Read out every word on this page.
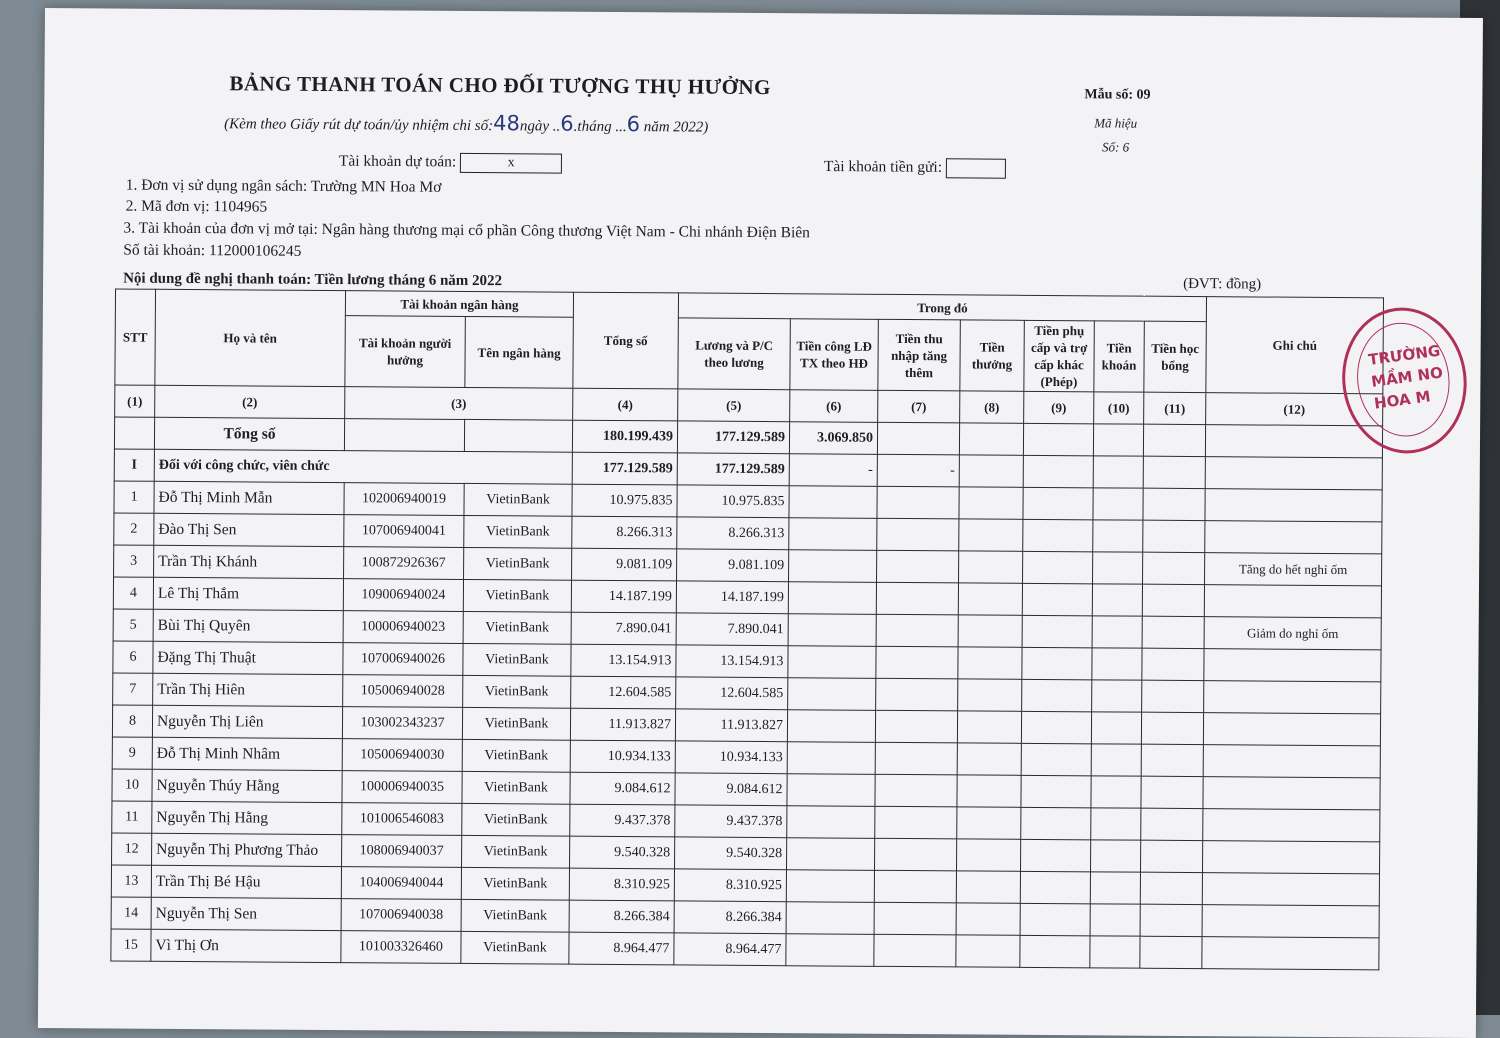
BẢNG THANH TOÁN CHO ĐỐI TƯỢNG THỤ HƯỞNG
(Kèm theo Giấy rút dự toán/ủy nhiệm chi số:48ngày ..6.tháng ...6 năm 2022)
Mẫu số: 09
Mã hiệu
Số: 6
Tài khoản dự toán:	x	Tài khoản tiền gửi:
1. Đơn vị sử dụng ngân sách: Trường MN Hoa Mơ
2. Mã đơn vị: 1104965
3. Tài khoản của đơn vị mở tại: Ngân hàng thương mại cổ phần Công thương Việt Nam - Chi nhánh Điện Biên
Số tài khoản: 112000106245
Nội dung đề nghị thanh toán: Tiền lương tháng 6 năm 2022	(ĐVT: đồng)
STT	Họ và tên	Tài khoản ngân hàng		Tổng số	Trong đó							Ghi chú
		Tài khoản người hưởng	Tên ngân hàng		Lương và P/C theo lương	Tiền công LĐ TX theo HĐ	Tiền thu nhập tăng thêm	Tiền thưởng	Tiền phụ cấp và trợ cấp khác (Phép)	Tiền khoán	Tiền học bổng	

(1)	(2)	(3)		(4)	(5)	(6)	(7)	(8)	(9)	(10)	(11)	(12)
	Tổng số			180.199.439	177.129.589	3.069.850						
I	Đối với công chức, viên chức			177.129.589	177.129.589	-	-					
1	Đỗ Thị Minh Mẫn	102006940019	VietinBank	10.975.835	10.975.835							
2	Đào Thị Sen	107006940041	VietinBank	8.266.313	8.266.313							
3	Trần Thị Khánh	100872926367	VietinBank	9.081.109	9.081.109							Tăng do hết nghỉ ốm
4	Lê Thị Thắm	109006940024	VietinBank	14.187.199	14.187.199							
5	Bùi Thị Quyên	100006940023	VietinBank	7.890.041	7.890.041							Giảm do nghỉ ốm
6	Đặng Thị Thuật	107006940026	VietinBank	13.154.913	13.154.913							
7	Trần Thị Hiên	105006940028	VietinBank	12.604.585	12.604.585							
8	Nguyễn Thị Liên	103002343237	VietinBank	11.913.827	11.913.827							
9	Đỗ Thị Minh Nhâm	105006940030	VietinBank	10.934.133	10.934.133							
10	Nguyễn Thúy Hằng	100006940035	VietinBank	9.084.612	9.084.612							
11	Nguyễn Thị Hằng	101006546083	VietinBank	9.437.378	9.437.378							
12	Nguyễn Thị Phương Thảo	108006940037	VietinBank	9.540.328	9.540.328							
13	Trần Thị Bé Hậu	104006940044	VietinBank	8.310.925	8.310.925							
14	Nguyễn Thị Sen	107006940038	VietinBank	8.266.384	8.266.384							
15	Vì Thị Ơn	101003326460	VietinBank	8.964.477	8.964.477							
TRƯỜNG
MẦM NO
HOA M
